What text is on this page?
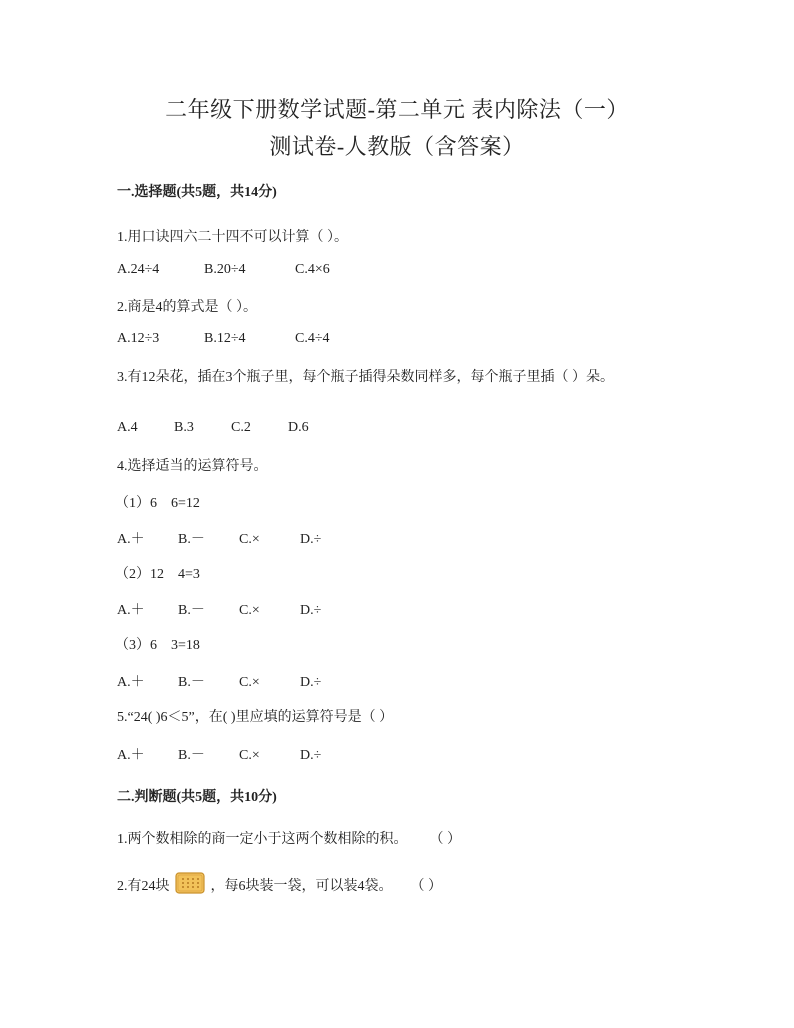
二年级下册数学试题-第二单元 表内除法（一）
测试卷-人教版（含答案）
一.选择题(共5题，共14分)
1.用口诀四六二十四不可以计算（ ）。
A.24÷4	B.20÷4	C.4×6
2.商是4的算式是（ ）。
A.12÷3	B.12÷4	C.4÷4
3.有12朵花，插在3个瓶子里，每个瓶子插得朵数同样多，每个瓶子里插（ ）朵。
A.4	B.3	C.2	D.6
4.选择适当的运算符号。
（1）6 6=12
A.＋ B.－ C.×	D.÷
（2）12 4=3
A.＋ B.－ C.×	D.÷
（3）6 3=18
A.＋ B.－ C.×	D.÷
5.“24( )6＜5”，在( )里应填的运算符号是（ ）
A.＋ B.－ C.×	D.÷
二.判断题(共5题，共10分)
1.两个数相除的商一定小于这两个数相除的积。 （ ）
2.有24块	，每6块装一袋，可以装4袋。 （ ）
